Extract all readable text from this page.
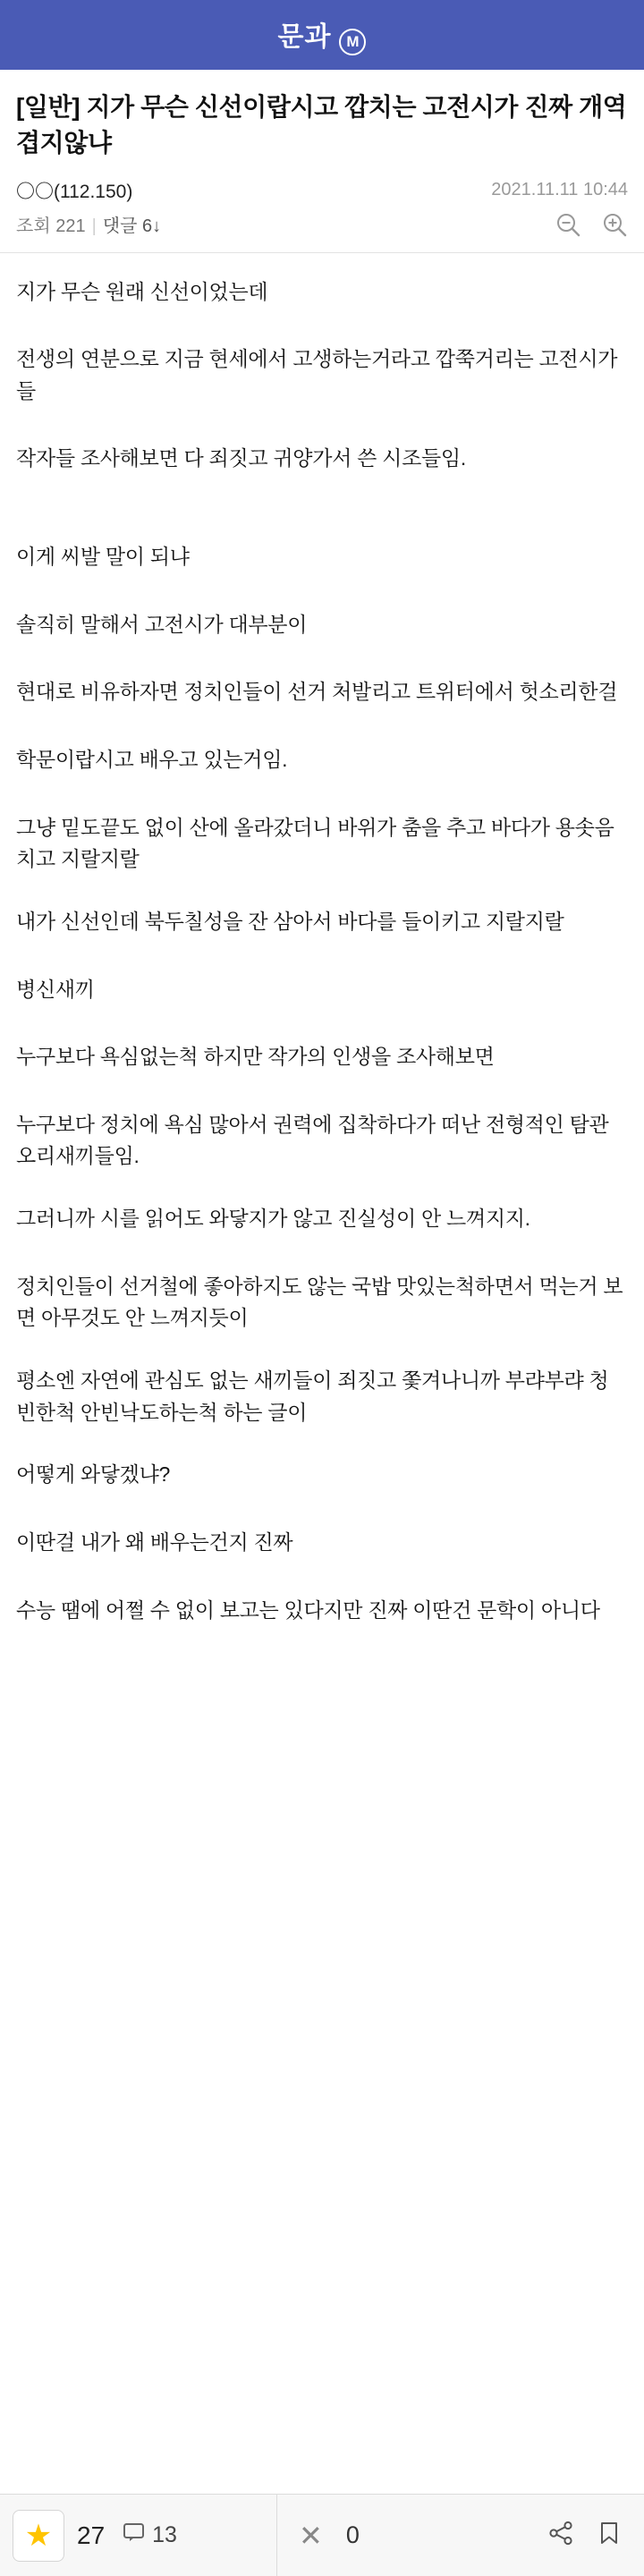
문과 M
[일반] 지가 무슨 신선이랍시고 깝치는 고전시가 진짜 개역겹지않냐
〇〇(112.150)	2021.11.11 10:44
조회 221 | 댓글 6↓
지가 무슨 원래 신선이었는데
전생의 연분으로 지금 현세에서 고생하는거라고 깝쭉거리는 고전시가들
작자들 조사해보면 다 죄짓고 귀양가서 쓴 시조들임.
이게 씨발 말이 되냐
솔직히 말해서 고전시가 대부분이
현대로 비유하자면 정치인들이 선거 처발리고 트위터에서 헛소리한걸
학문이랍시고 배우고 있는거임.
그냥 밑도끝도 없이 산에 올라갔더니 바위가 춤을 추고 바다가 용솟음치고 지랄지랄
내가 신선인데 북두칠성을 잔 삼아서 바다를 들이키고 지랄지랄
병신새끼
누구보다 욕심없는척 하지만 작가의 인생을 조사해보면
누구보다 정치에 욕심 많아서 권력에 집착하다가 떠난 전형적인 탐관오리새끼들임.
그러니까 시를 읽어도 와닿지가 않고 진실성이 안 느껴지지.
정치인들이 선거철에 좋아하지도 않는 국밥 맛있는척하면서 먹는거 보면 아무것도 안 느껴지듯이
평소엔 자연에 관심도 없는 새끼들이 죄짓고 쫓겨나니까 부랴부랴 청빈한척 안빈낙도하는척 하는 글이
어떻게 와닿겠냐?
이딴걸 내가 왜 배우는건지 진짜
수능 땜에 어쩔 수 없이 보고는 있다지만 진짜 이딴건 문학이 아니다
★ 27 13	✕ 0
